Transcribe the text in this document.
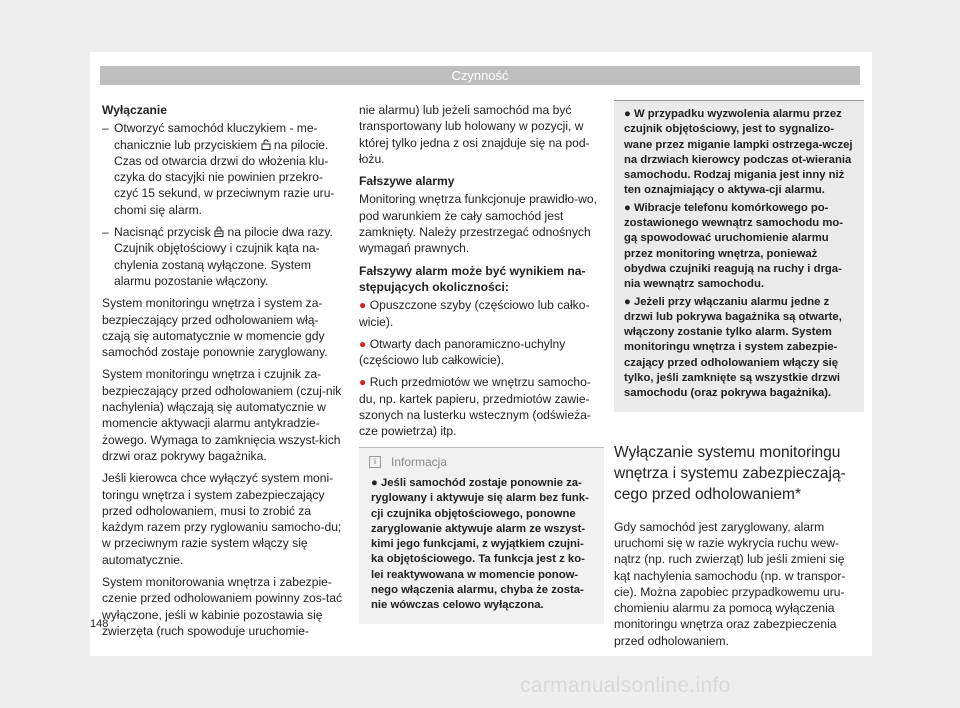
Czynność

Wyłączanie

– Otworzyć samochód kluczykiem - me-chanicznie lub przyciskiem na pilocie. Czas od otwarcia drzwi do włożenia klu-czyka do stacyjki nie powinien przekro-czyć 15 sekund, w przeciwnym razie uru-chomi się alarm.
– Nacisnąć przycisk na pilocie dwa razy. Czujnik objętościowy i czujnik kąta na-chylenia zostaną wyłączone. System alarmu pozostanie włączony.

System monitoringu wnętrza i system za-bezpieczający przed odholowaniem włą-czają się automatycznie w momencie gdy samochód zostaje ponownie zaryglowany.

System monitoringu wnętrza i czujnik za-bezpieczający przed odholowaniem (czuj-nik nachylenia) włączają się automatycznie w momencie aktywacji alarmu antykradzie-żowego. Wymaga to zamknięcia wszyst-kich drzwi oraz pokrywy bagażnika.

Jeśli kierowca chce wyłączyć system moni-toringu wnętrza i system zabezpieczający przed odholowaniem, musi to zrobić za każdym razem przy ryglowaniu samocho-du; w przeciwnym razie system włączy się automatycznie.

System monitorowania wnętrza i zabezpie-czenie przed odholowaniem powinny zos-tać wyłączone, jeśli w kabinie pozostawia się zwierzęta (ruch spowoduje uruchomie-

nie alarmu) lub jeżeli samochód ma być transportowany lub holowany w pozycji, w której tylko jedna z osi znajduje się na pod-łożu.

Fałszywe alarmy

Monitoring wnętrza funkcjonuje prawidło-wo, pod warunkiem że cały samochód jest zamknięty. Należy przestrzegać odnośnych wymagań prawnych.

Fałszywy alarm może być wynikiem na-stępujących okoliczności:

● Opuszczone szyby (częściowo lub całko-wicie).
● Otwarty dach panoramiczno-uchylny (częściowo lub całkowicie).
● Ruch przedmiotów we wnętrzu samocho-du, np. kartek papieru, przedmiotów zawie-szonych na lusterku wstecznym (odświeża-cze powietrza) itp.
i	Informacja
● Jeśli samochód zostaje ponownie za-ryglowany i aktywuje się alarm bez funk-cji czujnika objętościowego, ponowne zaryglowanie aktywuje alarm ze wszyst-kimi jego funkcjami, z wyjątkiem czujni-ka objętościowego. Ta funkcja jest z ko-lei reaktywowana w momencie ponow-nego włączenia alarmu, chyba że zosta-nie wówczas celowo wyłączona.
● W przypadku wyzwolenia alarmu przez czujnik objętościowy, jest to sygnalizo-wane przez miganie lampki ostrzega-wczej na drzwiach kierowcy podczas ot-wierania samochodu. Rodzaj migania jest inny niż ten oznajmiający o aktywa-cji alarmu.
● Wibracje telefonu komórkowego po-zostawionego wewnątrz samochodu mo-gą spowodować uruchomienie alarmu przez monitoring wnętrza, ponieważ obydwa czujniki reagują na ruchy i drga-nia wewnątrz samochodu.
● Jeżeli przy włączaniu alarmu jedne z drzwi lub pokrywa bagażnika są otwarte, włączony zostanie tylko alarm. System monitoringu wnętrza i system zabezpie-czający przed odholowaniem włączy się tylko, jeśli zamknięte są wszystkie drzwi samochodu (oraz pokrywa bagażnika).
Wyłączanie systemu monitoringu wnętrza i systemu zabezpieczają-cego przed odholowaniem*

Gdy samochód jest zaryglowany, alarm uruchomi się w razie wykrycia ruchu wew-nątrz (np. ruch zwierząt) lub jeśli zmieni się kąt nachylenia samochodu (np. w transpor-cie). Można zapobiec przypadkowemu uru-chomieniu alarmu za pomocą wyłączenia monitoringu wnętrza oraz zabezpieczenia przed odholowaniem.

148
carmanualsonline.info
